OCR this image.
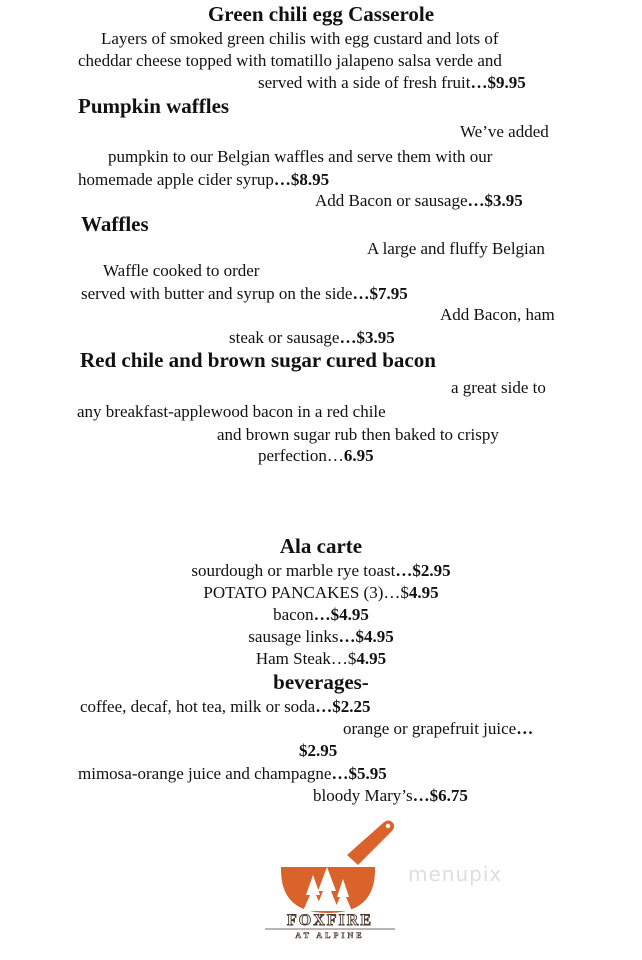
Green chili egg Casserole
Layers of smoked green chilis with egg custard and lots of
cheddar cheese topped with tomatillo jalapeno salsa verde and
served with a side of fresh fruit…$9.95
Pumpkin waffles
We’ve added
pumpkin to our Belgian waffles and serve them with our
homemade apple cider syrup…$8.95
Add Bacon or sausage…$3.95
Waffles
A large and fluffy Belgian
Waffle cooked to order
served with butter and syrup on the side…$7.95
Add Bacon, ham
steak or sausage…$3.95
Red chile and brown sugar cured bacon
a great side to
any breakfast-applewood bacon in a red chile
and brown sugar rub then baked to crispy
perfection…6.95
Ala carte
sourdough or marble rye toast…$2.95
POTATO PANCAKES (3)…$4.95
bacon…$4.95
sausage links…$4.95
Ham Steak…$4.95
beverages-
coffee, decaf, hot tea, milk or soda…$2.25
orange or grapefruit juice…
$2.95
mimosa-orange juice and champagne…$5.95
bloody Mary’s…$6.75
FOXFIRE
AT ALPINE
menupix
